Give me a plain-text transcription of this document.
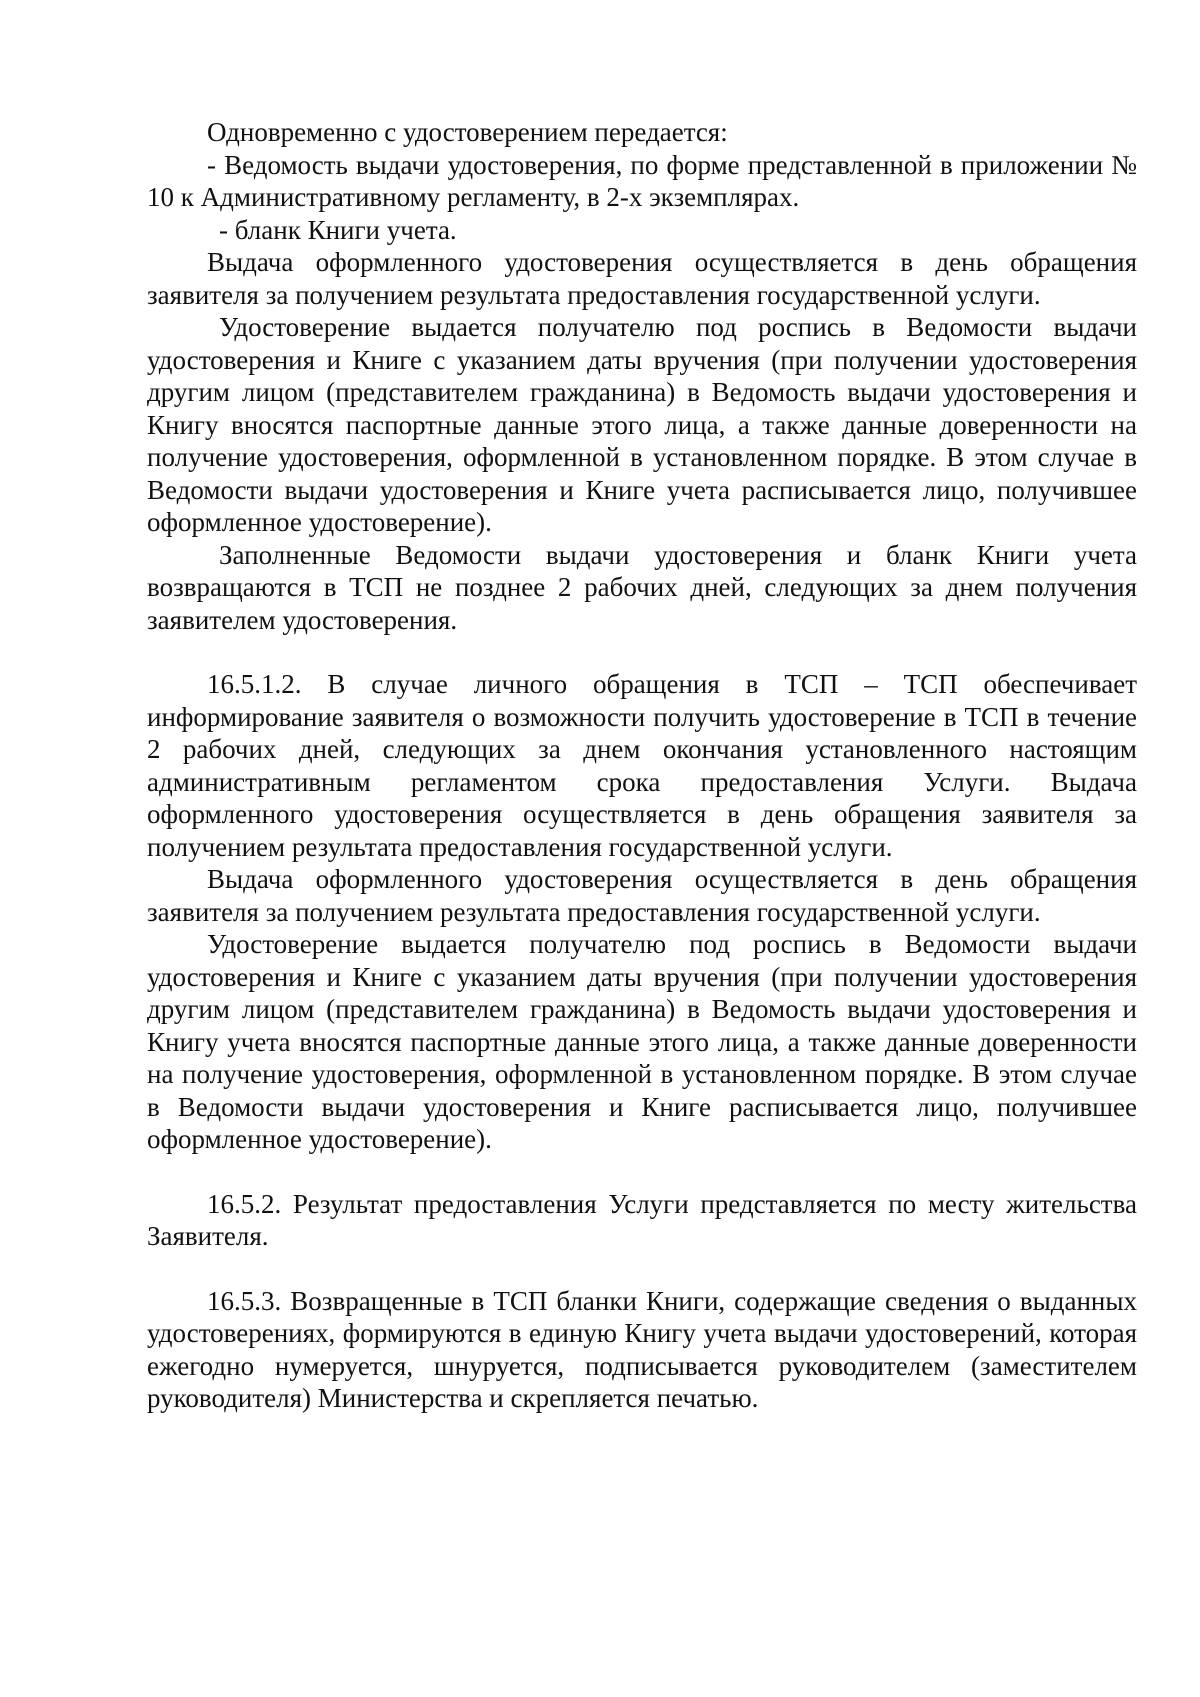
Одновременно с удостоверением передается:

- Ведомость выдачи удостоверения, по форме представленной в приложении № 10 к Административному регламенту, в 2-х экземплярах.

- бланк Книги учета.

Выдача оформленного удостоверения осуществляется в день обращения заявителя за получением результата предоставления государственной услуги.

Удостоверение выдается получателю под роспись в Ведомости выдачи удостоверения и Книге с указанием даты вручения (при получении удостоверения другим лицом (представителем гражданина) в Ведомость выдачи удостоверения и Книгу вносятся паспортные данные этого лица, а также данные доверенности на получение удостоверения, оформленной в установленном порядке. В этом случае в Ведомости выдачи удостоверения и Книге учета расписывается лицо, получившее оформленное удостоверение).

Заполненные Ведомости выдачи удостоверения и бланк Книги учета возвращаются в ТСП не позднее 2 рабочих дней, следующих за днем получения заявителем удостоверения.

16.5.1.2. В случае личного обращения в ТСП – ТСП обеспечивает информирование заявителя о возможности получить удостоверение в ТСП в течение 2 рабочих дней, следующих за днем окончания установленного настоящим административным регламентом срока предоставления Услуги. Выдача оформленного удостоверения осуществляется в день обращения заявителя за получением результата предоставления государственной услуги.

Выдача оформленного удостоверения осуществляется в день обращения заявителя за получением результата предоставления государственной услуги.

Удостоверение выдается получателю под роспись в Ведомости выдачи удостоверения и Книге с указанием даты вручения (при получении удостоверения другим лицом (представителем гражданина) в Ведомость выдачи удостоверения и Книгу учета вносятся паспортные данные этого лица, а также данные доверенности на получение удостоверения, оформленной в установленном порядке. В этом случае в Ведомости выдачи удостоверения и Книге расписывается лицо, получившее оформленное удостоверение).

16.5.2. Результат предоставления Услуги представляется по месту жительства Заявителя.

16.5.3. Возвращенные в ТСП бланки Книги, содержащие сведения о выданных удостоверениях, формируются в единую Книгу учета выдачи удостоверений, которая ежегодно нумеруется, шнуруется, подписывается руководителем (заместителем руководителя) Министерства и скрепляется печатью.
